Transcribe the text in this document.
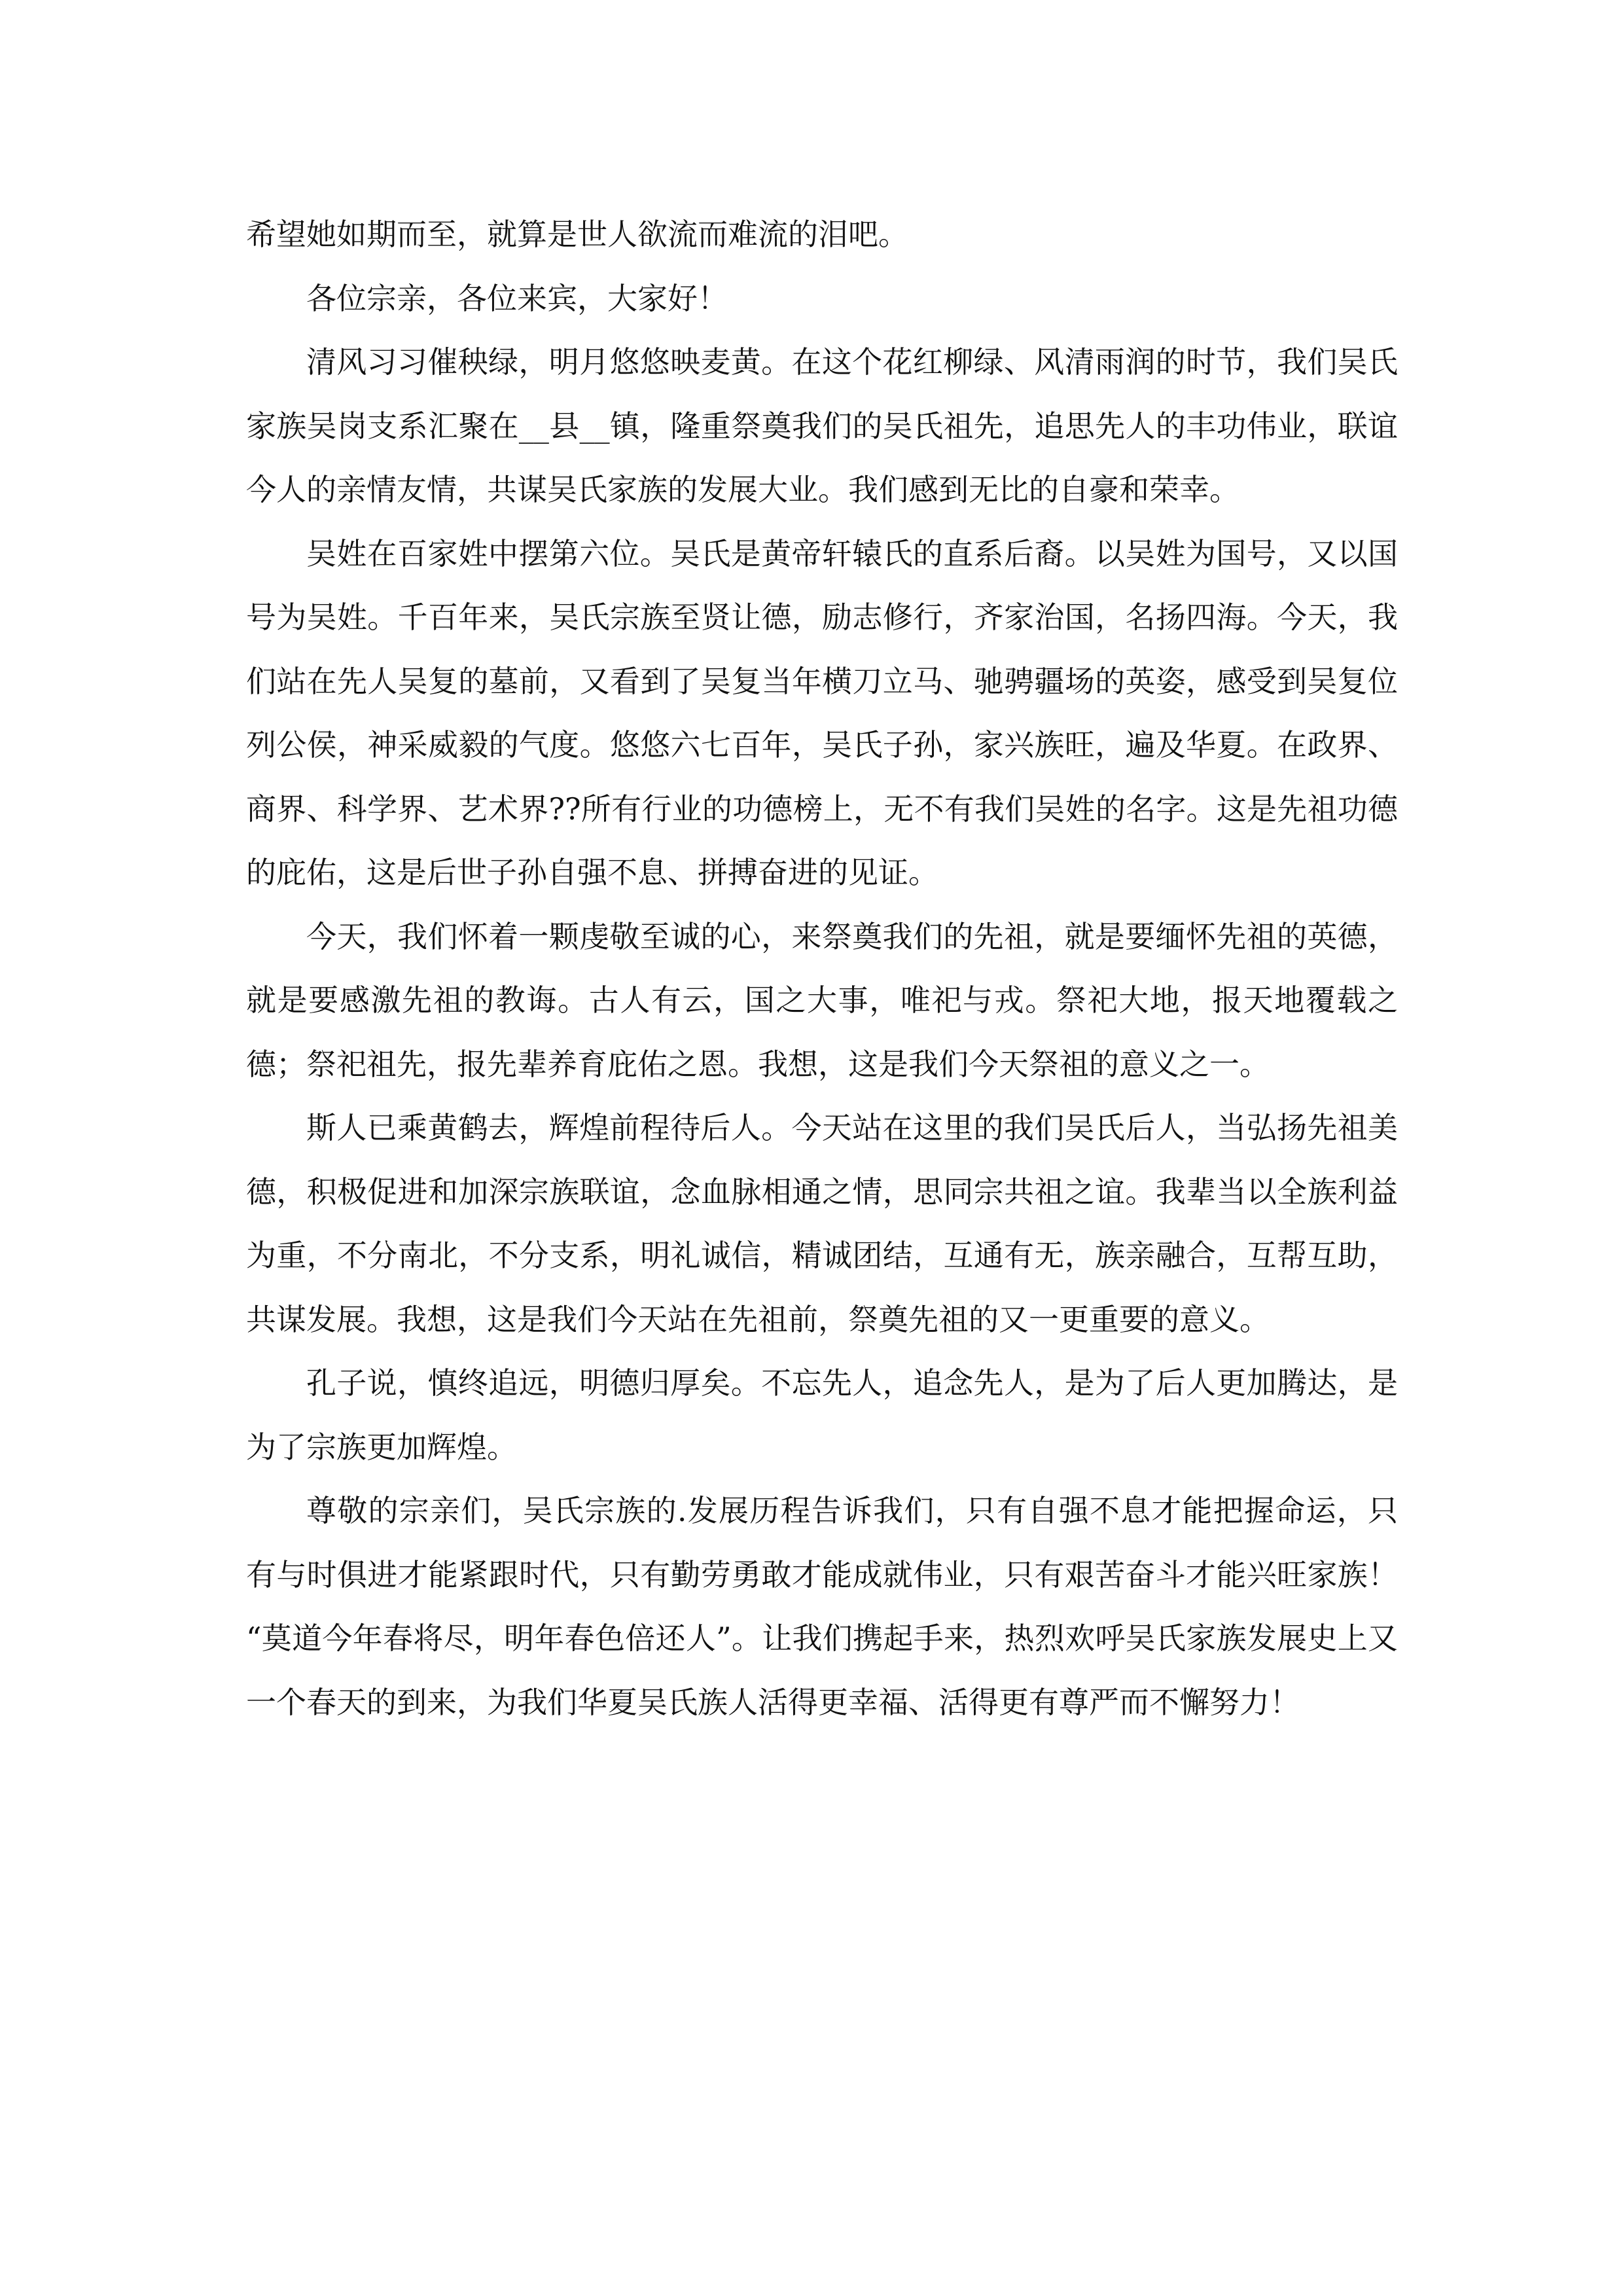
希望她如期而至，就算是世人欲流而难流的泪吧。

各位宗亲，各位来宾，大家好！

清风习习催秧绿，明月悠悠映麦黄。在这个花红柳绿、风清雨润的时节，我们吴氏家族吴岗支系汇聚在__县__镇，隆重祭奠我们的吴氏祖先，追思先人的丰功伟业，联谊今人的亲情友情，共谋吴氏家族的发展大业。我们感到无比的自豪和荣幸。

吴姓在百家姓中摆第六位。吴氏是黄帝轩辕氏的直系后裔。以吴姓为国号，又以国号为吴姓。千百年来，吴氏宗族至贤让德，励志修行，齐家治国，名扬四海。今天，我们站在先人吴复的墓前，又看到了吴复当年横刀立马、驰骋疆场的英姿，感受到吴复位列公侯，神采威毅的气度。悠悠六七百年，吴氏子孙，家兴族旺，遍及华夏。在政界、商界、科学界、艺术界??所有行业的功德榜上，无不有我们吴姓的名字。这是先祖功德的庇佑，这是后世子孙自强不息、拼搏奋进的见证。

今天，我们怀着一颗虔敬至诚的心，来祭奠我们的先祖，就是要缅怀先祖的英德，就是要感激先祖的教诲。古人有云，国之大事，唯祀与戎。祭祀大地，报天地覆载之德；祭祀祖先，报先辈养育庇佑之恩。我想，这是我们今天祭祖的意义之一。

斯人已乘黄鹤去，辉煌前程待后人。今天站在这里的我们吴氏后人，当弘扬先祖美德，积极促进和加深宗族联谊，念血脉相通之情，思同宗共祖之谊。我辈当以全族利益为重，不分南北，不分支系，明礼诚信，精诚团结，互通有无，族亲融合，互帮互助，共谋发展。我想，这是我们今天站在先祖前，祭奠先祖的又一更重要的意义。

孔子说，慎终追远，明德归厚矣。不忘先人，追念先人，是为了后人更加腾达，是为了宗族更加辉煌。

尊敬的宗亲们，吴氏宗族的.发展历程告诉我们，只有自强不息才能把握命运，只有与时俱进才能紧跟时代，只有勤劳勇敢才能成就伟业，只有艰苦奋斗才能兴旺家族！ “莫道今年春将尽，明年春色倍还人”。让我们携起手来，热烈欢呼吴氏家族发展史上又一个春天的到来，为我们华夏吴氏族人活得更幸福、活得更有尊严而不懈努力！
